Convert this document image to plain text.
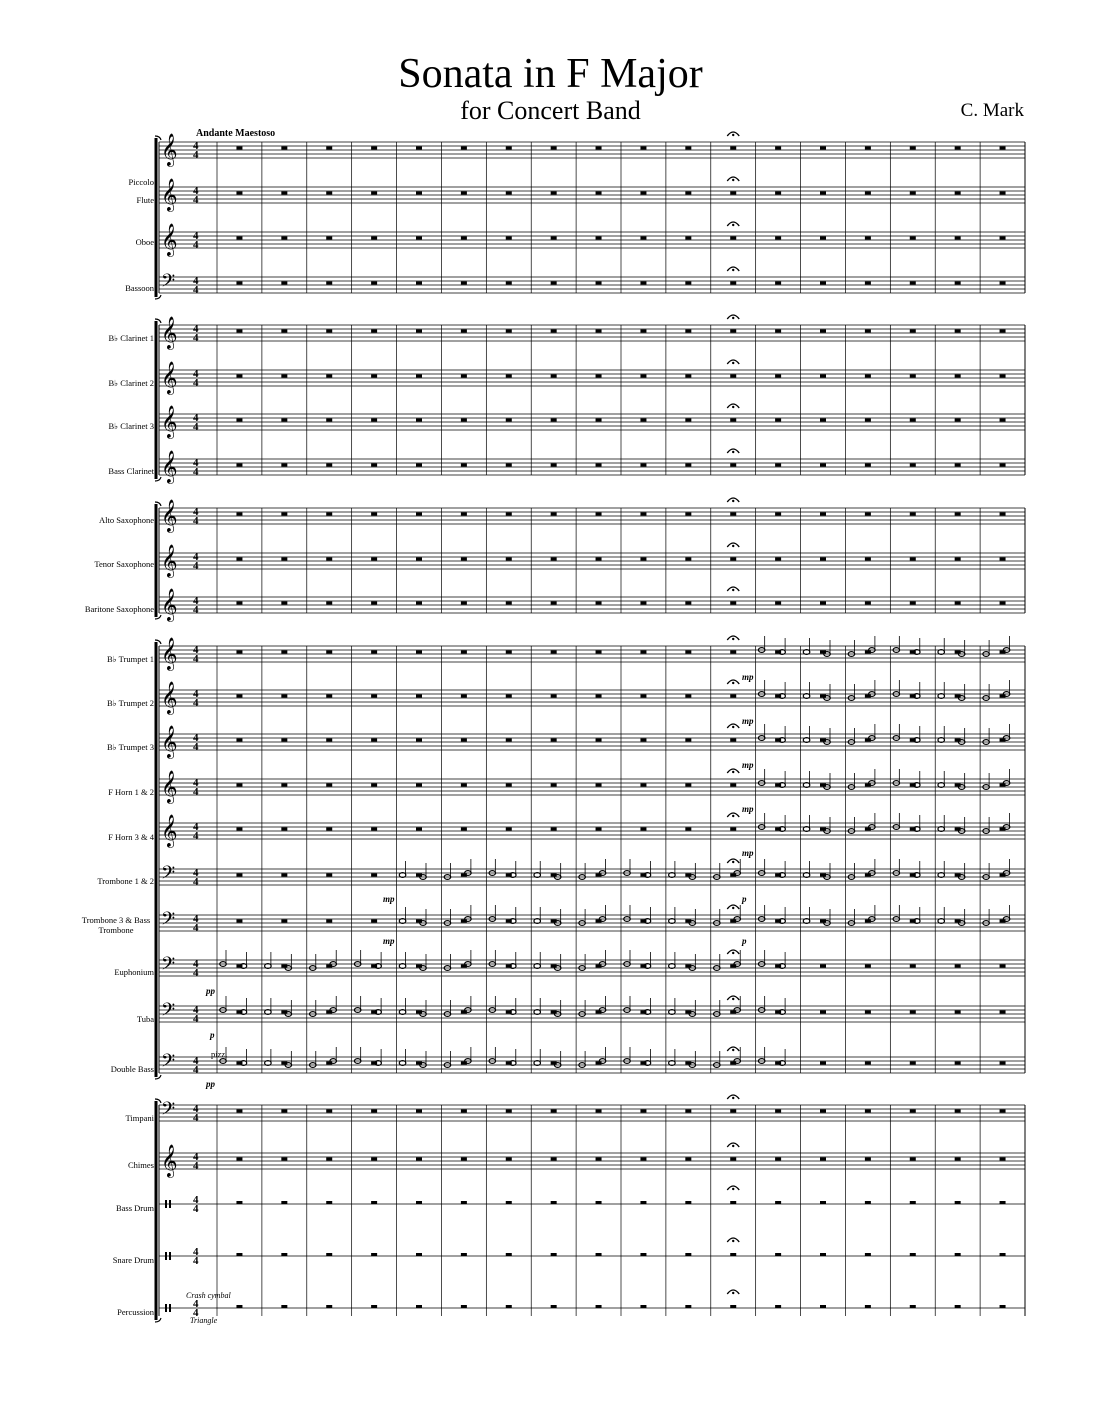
Sonata in F Major
for Concert Band	C. Mark
Andante Maestoso
Piccolo
Flute
Oboe
Bassoon
B♭ Clarinet 1
B♭ Clarinet 2
B♭ Clarinet 3
Bass Clarinet
Alto Saxophone
Tenor Saxophone
Baritone Saxophone
B♭ Trumpet 1
B♭ Trumpet 2
B♭ Trumpet 3
F Horn 1 & 2
F Horn 3 & 4
Trombone 1 & 2
Trombone 3 & Bass Trombone
Euphonium
Tuba
Double Bass
Timpani
Chimes
Bass Drum
Snare Drum
Percussion
𝄞 4
4
𝄞 4
4
𝄞 4
4
𝄢 4
4
𝄞 4
4
𝄞 4
4
𝄞 4
4
𝄞 4
4
𝄞 4
4
𝄞 4
4
𝄞 4
4
𝄞 4
4
𝄞 4
4
𝄞 4
4
𝄞 4
4
𝄞 4
4
𝄢 4
4
𝄢 4
4
𝄢 4
4
𝄢 4
4
𝄢 4
4
𝄢 4
4
𝄞 4
4
4
4
4
4
4
4
mp
mp
mp
mp
mp
mp	p
mp	p
pp
p
pp
pizz.
Crash cymbal
Triangle
